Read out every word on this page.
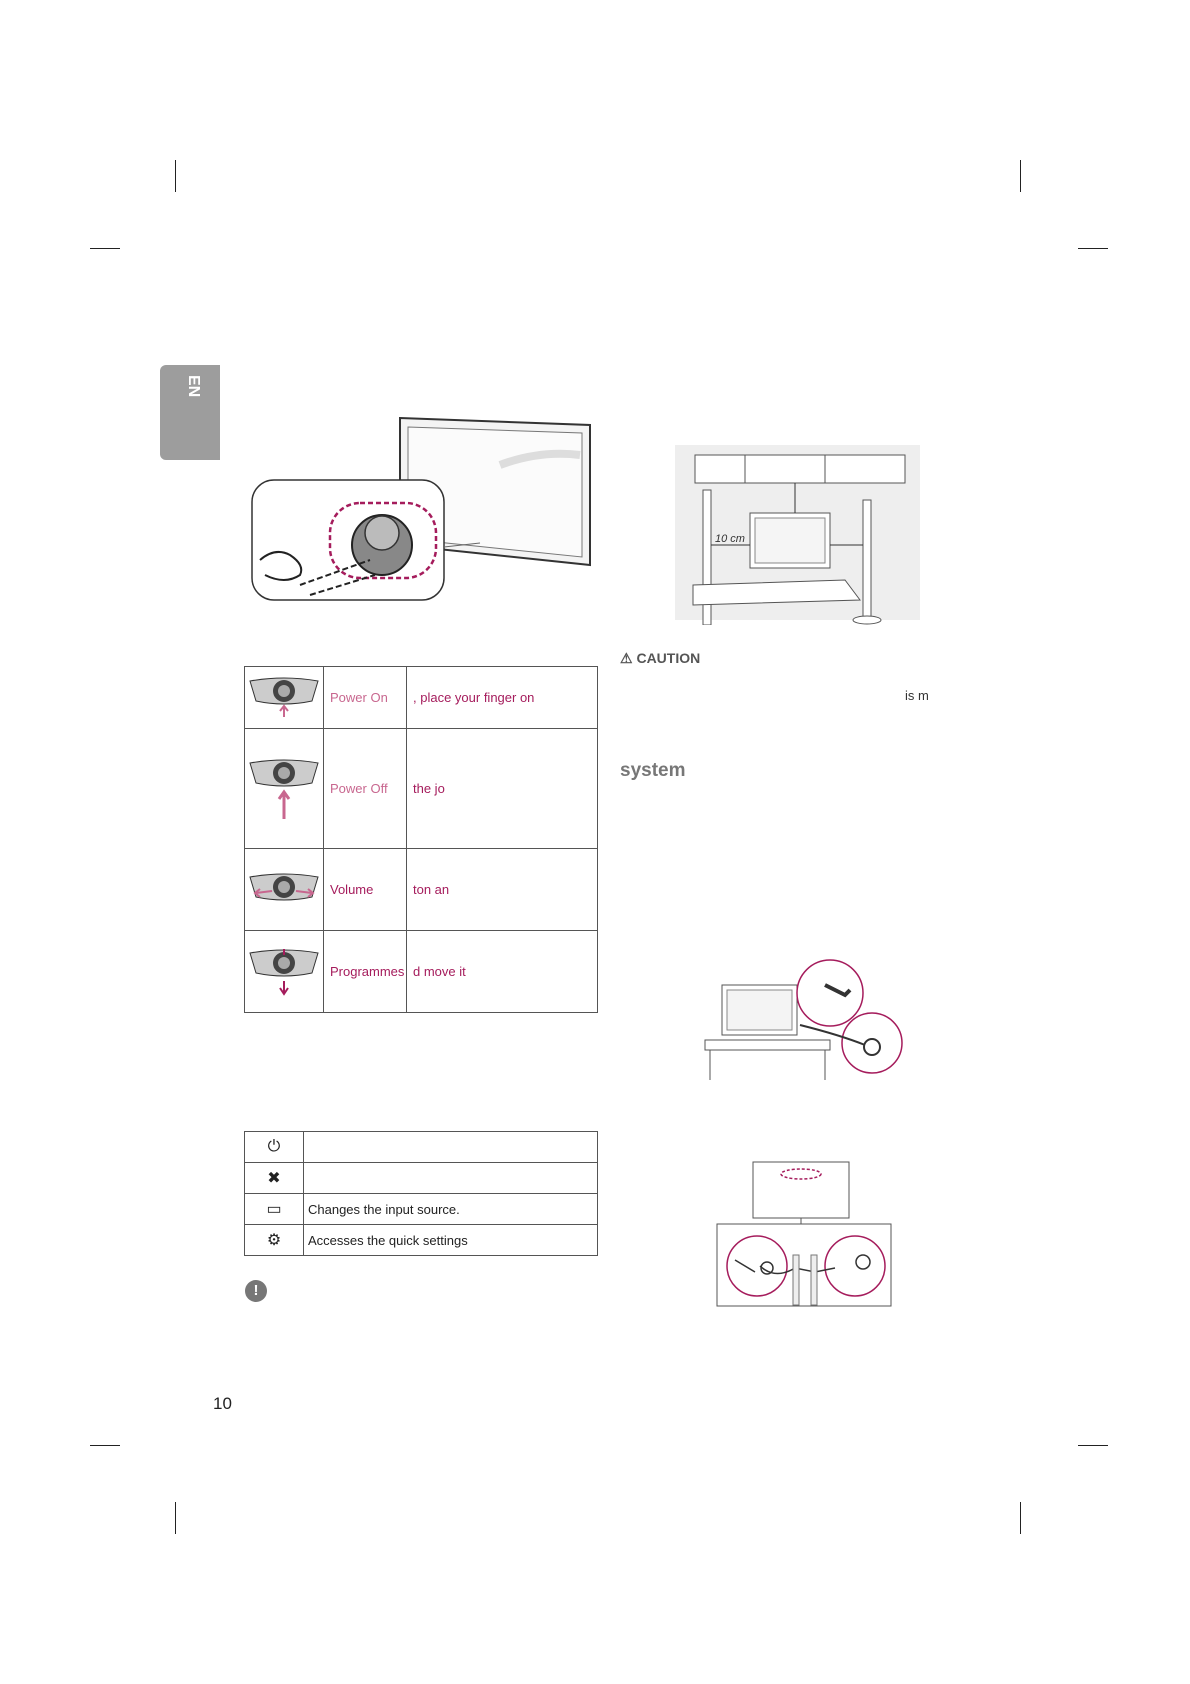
EN
	Power On	, place your finger on
	Power Off	the jo
	Volume	ton an
	Programmes	d move it
⏻	
✖	
▭	Changes the input source.
⚙	Accesses the quick settings
!
10 cm
⚠ CAUTION
is m
system
10
